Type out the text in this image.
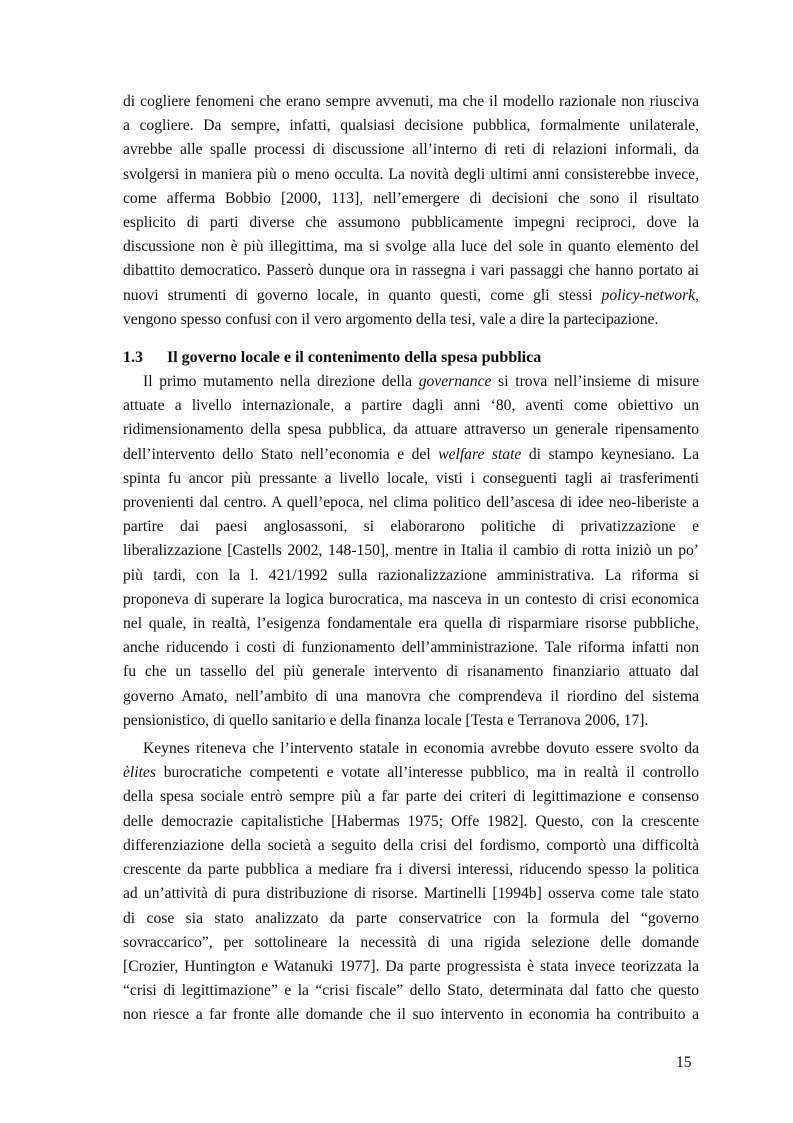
di cogliere fenomeni che erano sempre avvenuti, ma che il modello razionale non riusciva
a cogliere. Da sempre, infatti, qualsiasi decisione pubblica, formalmente unilaterale,
avrebbe alle spalle processi di discussione all’interno di reti di relazioni informali, da
svolgersi in maniera più o meno occulta. La novità degli ultimi anni consisterebbe invece,
come afferma Bobbio [2000, 113], nell’emergere di decisioni che sono il risultato
esplicito di parti diverse che assumono pubblicamente impegni reciproci, dove la
discussione non è più illegittima, ma si svolge alla luce del sole in quanto elemento del
dibattito democratico. Passerò dunque ora in rassegna i vari passaggi che hanno portato ai
nuovi strumenti di governo locale, in quanto questi, come gli stessi policy-network,
vengono spesso confusi con il vero argomento della tesi, vale a dire la partecipazione.
1.3	Il governo locale e il contenimento della spesa pubblica
Il primo mutamento nella direzione della governance si trova nell’insieme di misure
attuate a livello internazionale, a partire dagli anni ‘80, aventi come obiettivo un
ridimensionamento della spesa pubblica, da attuare attraverso un generale ripensamento
dell’intervento dello Stato nell’economia e del welfare state di stampo keynesiano. La
spinta fu ancor più pressante a livello locale, visti i conseguenti tagli ai trasferimenti
provenienti dal centro. A quell’epoca, nel clima politico dell’ascesa di idee neo-liberiste a
partire dai paesi anglosassoni, si elaborarono politiche di privatizzazione e
liberalizzazione [Castells 2002, 148-150], mentre in Italia il cambio di rotta iniziò un po’
più tardi, con la l. 421/1992 sulla razionalizzazione amministrativa. La riforma si
proponeva di superare la logica burocratica, ma nasceva in un contesto di crisi economica
nel quale, in realtà, l’esigenza fondamentale era quella di risparmiare risorse pubbliche,
anche riducendo i costi di funzionamento dell’amministrazione. Tale riforma infatti non
fu che un tassello del più generale intervento di risanamento finanziario attuato dal
governo Amato, nell’ambito di una manovra che comprendeva il riordino del sistema
pensionistico, di quello sanitario e della finanza locale [Testa e Terranova 2006, 17].
Keynes riteneva che l’intervento statale in economia avrebbe dovuto essere svolto da
èlites burocratiche competenti e votate all’interesse pubblico, ma in realtà il controllo
della spesa sociale entrò sempre più a far parte dei criteri di legittimazione e consenso
delle democrazie capitalistiche [Habermas 1975; Offe 1982]. Questo, con la crescente
differenziazione della società a seguito della crisi del fordismo, comportò una difficoltà
crescente da parte pubblica a mediare fra i diversi interessi, riducendo spesso la politica
ad un’attività di pura distribuzione di risorse. Martinelli [1994b] osserva come tale stato
di cose sia stato analizzato da parte conservatrice con la formula del “governo
sovraccarico”, per sottolineare la necessità di una rigida selezione delle domande
[Crozier, Huntington e Watanuki 1977]. Da parte progressista è stata invece teorizzata la
“crisi di legittimazione” e la “crisi fiscale” dello Stato, determinata dal fatto che questo
non riesce a far fronte alle domande che il suo intervento in economia ha contribuito a
15
